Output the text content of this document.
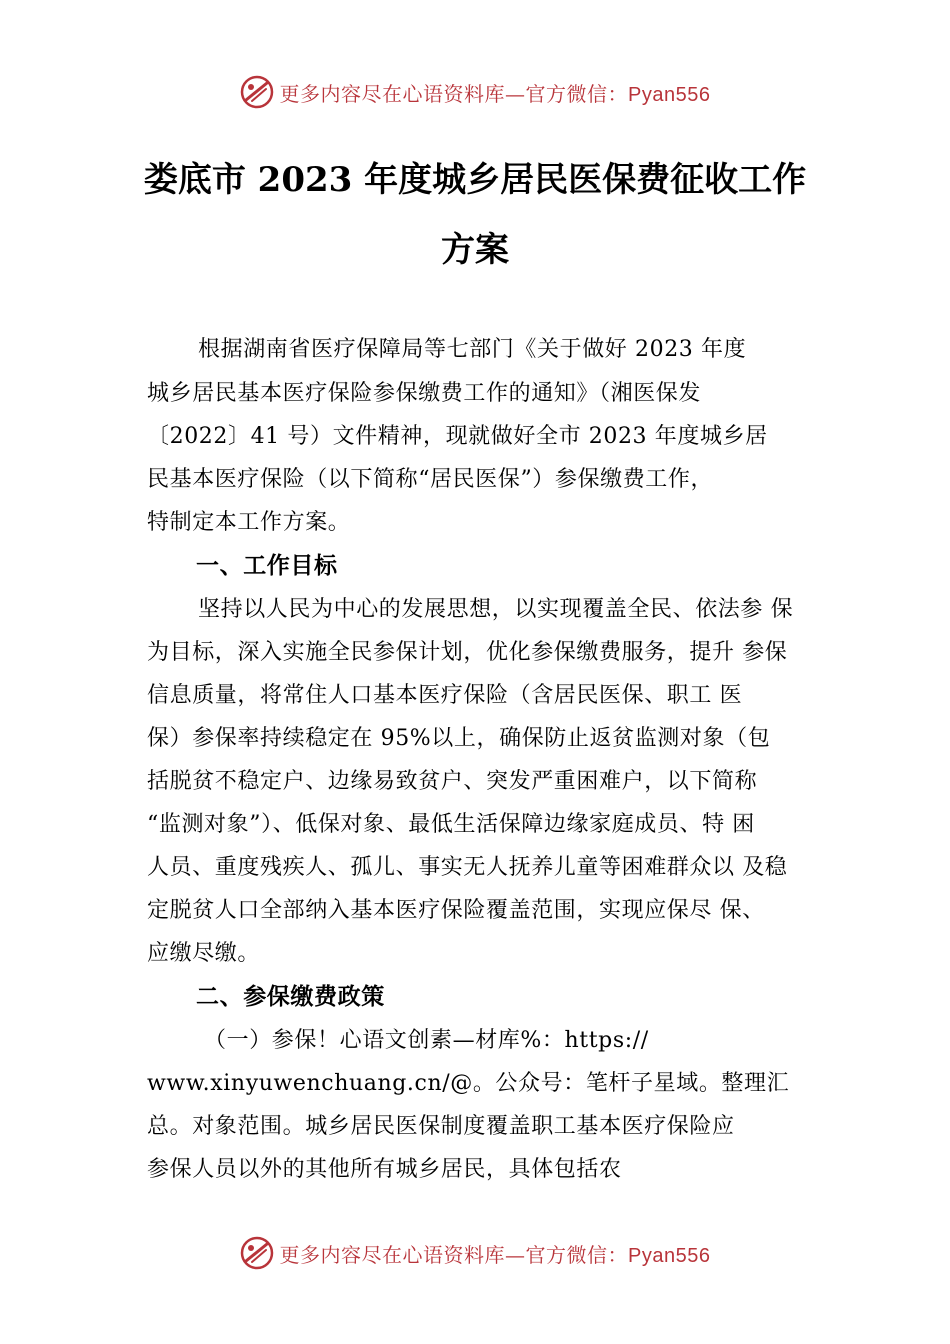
更多内容尽在心语资料库—官方微信：Pyan556
娄底市 2023 年度城乡居民医保费征收工作
方案
根据湖南省医疗保障局等七部门《关于做好 2023 年度
城乡居民基本医疗保险参保缴费工作的通知》（湘医保发
〔2022〕41 号）文件精神，现就做好全市 2023 年度城乡居
民基本医疗保险（以下简称“居民医保”）参保缴费工作，
特制定本工作方案。
一、工作目标
坚持以人民为中心的发展思想，以实现覆盖全民、依法参 保
为目标，深入实施全民参保计划，优化参保缴费服务，提升 参保
信息质量，将常住人口基本医疗保险（含居民医保、职工 医
保）参保率持续稳定在 95%以上，确保防止返贫监测对象（包
括脱贫不稳定户、边缘易致贫户、突发严重困难户，以下简称
“监测对象”）、低保对象、最低生活保障边缘家庭成员、特 困
人员、重度残疾人、孤儿、事实无人抚养儿童等困难群众以 及稳
定脱贫人口全部纳入基本医疗保险覆盖范围，实现应保尽 保、
应缴尽缴。
二、参保缴费政策
（一）参保！心语文创素—材库%：https://
www.xinyuwenchuang.cn/@。公众号：笔杆子星域。整理汇
总。对象范围。城乡居民医保制度覆盖职工基本医疗保险应
参保人员以外的其他所有城乡居民，具体包括农
更多内容尽在心语资料库—官方微信：Pyan556
